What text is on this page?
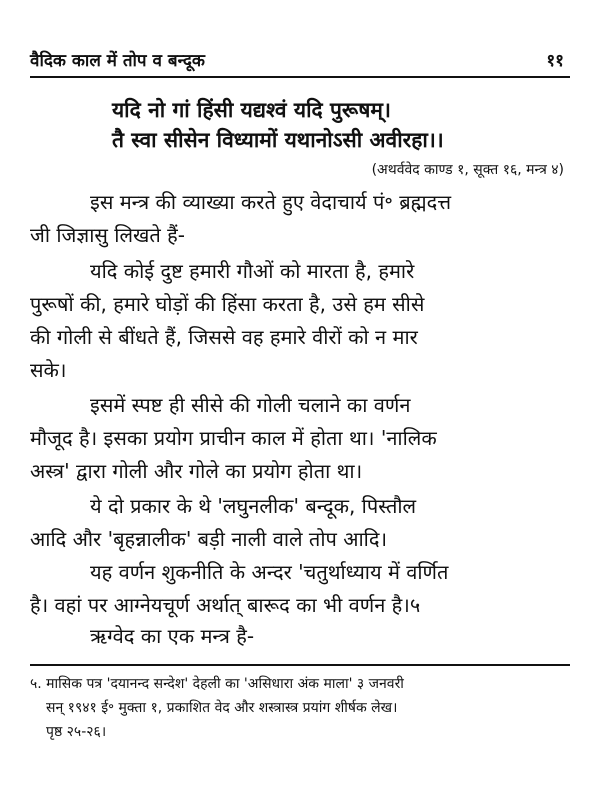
वैदिक काल में तोप व बन्दूक	११
यदि नो गां हिंसी यद्यश्वं यदि पुरूषम्।
तै स्वा सीसेन विध्यामों यथानोऽसी अवीरहा।।
(अथर्ववेद काण्ड १, सूक्त १६, मन्त्र ४)
इस मन्त्र की व्याख्या करते हुए वेदाचार्य पं॰ ब्रह्मदत्त
जी जिज्ञासु लिखते हैं-
यदि कोई दुष्ट हमारी गौओं को मारता है, हमारे
पुरूषों की, हमारे घोड़ों की हिंसा करता है, उसे हम सीसे
की गोली से बींधते हैं, जिससे वह हमारे वीरों को न मार
सके।
इसमें स्पष्ट ही सीसे की गोली चलाने का वर्णन
मौजूद है। इसका प्रयोग प्राचीन काल में होता था। 'नालिक
अस्त्र' द्वारा गोली और गोले का प्रयोग होता था।
ये दो प्रकार के थे 'लघुनलीक' बन्दूक, पिस्तौल
आदि और 'बृहन्नालीक' बड़ी नाली वाले तोप आदि।
यह वर्णन शुकनीति के अन्दर 'चतुर्थाध्याय में वर्णित
है। वहां पर आग्नेयचूर्ण अर्थात् बारूद का भी वर्णन है।५
ऋग्वेद का एक मन्त्र है-
५. मासिक पत्र 'दयानन्द सन्देश' देहली का 'असिधारा अंक माला' ३ जनवरी
सन् १९४१ ई॰ मुक्ता १, प्रकाशित वेद और शस्त्रास्त्र प्रयांग शीर्षक लेख।
पृष्ठ २५-२६।
